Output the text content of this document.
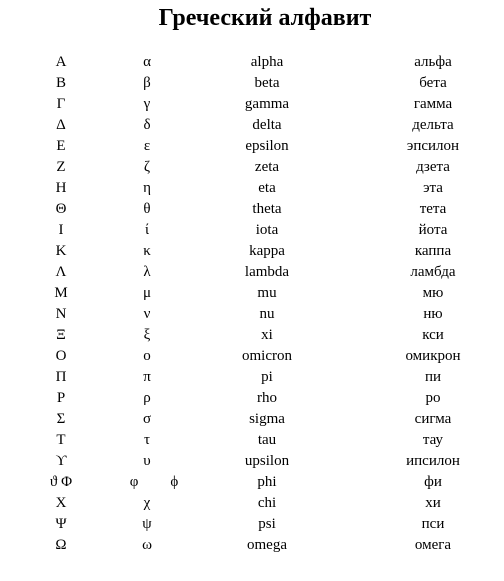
Греческий алфавит
Α	α	alpha	альфа
Β	β	beta	бета
Γ	γ	gamma	гамма
Δ	δ	delta	дельта
Ε	ε	epsilon	эпсилон
Ζ	ζ	zeta	дзета
Η	η	eta	эта
Θ	θ	theta	тета
Ι	ί	iota	йота
Κ	κ	kappa	каппа
Λ	λ	lambda	ламбда
Μ	μ	mu	мю
Ν	ν	nu	ню
Ξ	ξ	xi	кси
Ο	ο	omicron	омикрон
Π	π	pi	пи
Ρ	ρ	rho	ро
Σ	σ	sigma	сигма
Τ	τ	tau	тау
ϒ	υ	upsilon	ипсилон
ϑ Φ	φ ϕ	phi	фи
Χ	χ	chi	хи
Ψ	ψ	psi	пси
Ω	ω	omega	омега
